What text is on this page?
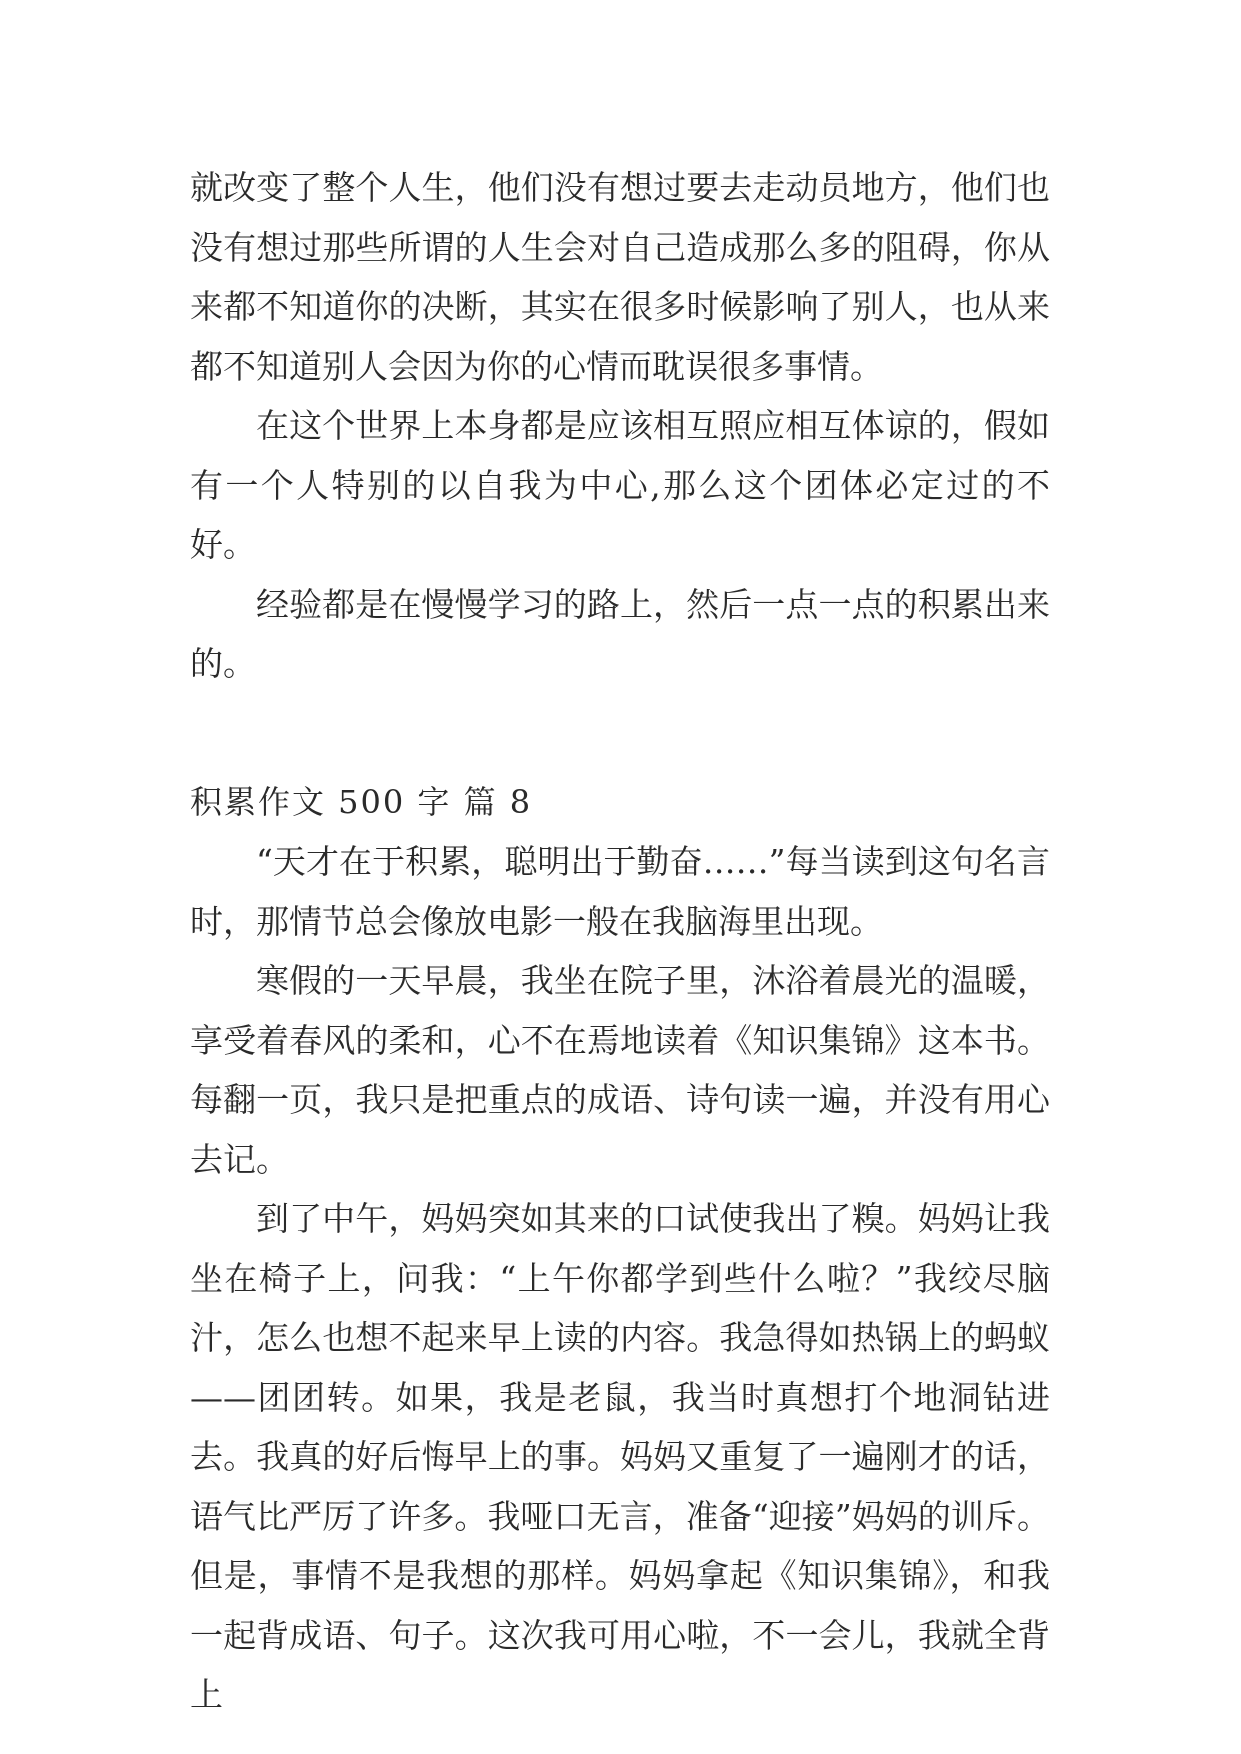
就改变了整个人生，他们没有想过要去走动员地方，他们也没有想过那些所谓的人生会对自己造成那么多的阻碍，你从来都不知道你的决断，其实在很多时候影响了别人，也从来都不知道别人会因为你的心情而耽误很多事情。

在这个世界上本身都是应该相互照应相互体谅的，假如有一个人特别的以自我为中心,那么这个团体必定过的不好。

经验都是在慢慢学习的路上，然后一点一点的积累出来的。

积累作文 500 字 篇 8

“天才在于积累，聪明出于勤奋……”每当读到这句名言时，那情节总会像放电影一般在我脑海里出现。

寒假的一天早晨，我坐在院子里，沐浴着晨光的温暖，享受着春风的柔和，心不在焉地读着《知识集锦》这本书。每翻一页，我只是把重点的成语、诗句读一遍，并没有用心去记。

到了中午，妈妈突如其来的口试使我出了糗。妈妈让我坐在椅子上，问我：“上午你都学到些什么啦？”我绞尽脑汁，怎么也想不起来早上读的内容。我急得如热锅上的蚂蚁——团团转。如果，我是老鼠，我当时真想打个地洞钻进去。我真的好后悔早上的事。妈妈又重复了一遍刚才的话，语气比严厉了许多。我哑口无言，准备“迎接”妈妈的训斥。但是，事情不是我想的那样。妈妈拿起《知识集锦》，和我一起背成语、句子。这次我可用心啦，不一会儿，我就全背上
